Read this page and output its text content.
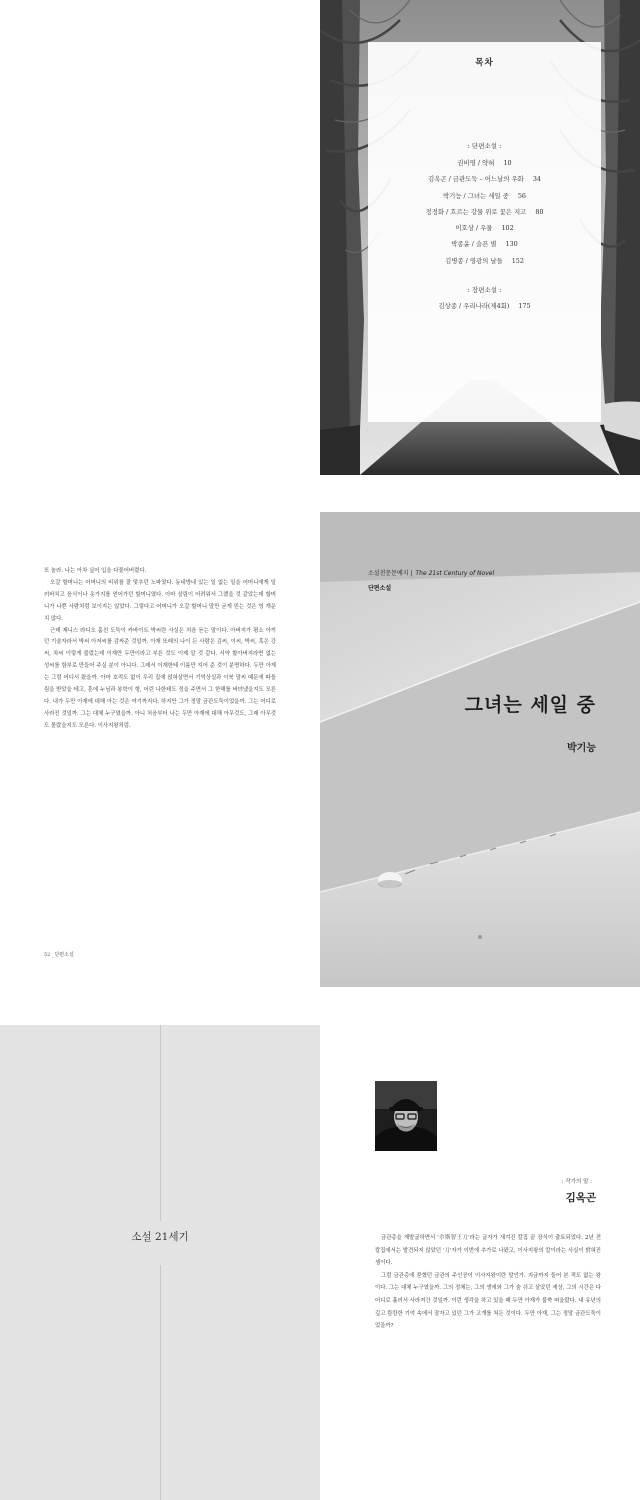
목차
: 단편소설 :
권비영 / 약혀 10
김옥곤 / 금관도둑 – 어느날의 우화 34
박기능 / 그녀는 세일 중 56
정정화 / 흐르는 강물 위로 꽃은 지고 80
이호상 / 우물 102
박종윤 / 슬픈 별 130
김병종 / 영광의 날들 152
: 장편소설 :
김상종 / 우리나라(제4회) 175

또 놀라. 나는 아차 싶어 입을 다물어버렸다.

오갈 할머니는 어머니의 비위를 잘 맞추던 노파였다. 동네방네 있는 일 없는 일을 어머니에게 일러바치고 음식이나 옷가지를 얻어가던 할머니였다. 아마 살림이 어려워서 그랬을 것 같았는데 할머니가 나쁜 사람처럼 보이지는 않았다. 그렇다고 어머니가 오갈 할머니 말만 굳게 믿는 것은 영 개운치 않다.

근데 제니스 라디오 훔친 도둑이 카바이트 박씨란 사실은 처음 듣는 말이다. 아버지가 평소 아끼던 기술자라서 박씨 아저씨를 감싸준 것일까. 아재 또래의 나이 든 사람은 김씨, 이씨, 박씨, 혹은 강씨, 차씨 이렇게 불렀는데 이재만 두만이라고 부른 것도 이제 알 것 같다. 서약 할아버지라면 없는 성씨를 함부로 만들어 주실 분이 아니다. 그래서 이재한테 이름만 지어 준 것이 분명하다. 두만 아재는 그럼 어디서 왔을까. 아마 호적도 없이 우리 집에 얹혀살면서 기억상실과 이북 말씨 때문에 따돌림을 받았을 테고, 훈에 누님과 봉학이 형, 어린 나한테도 정을 주면서 그 한해를 버텨냈을지도 모른다. 내가 두만 아재에 대해 아는 것은 여기까지다. 하지만 그가 정말 금관도둑이었을까. 그는 어디로 사라진 것일까. 그는 대체 누구였을까. 아니 처음부터 나는 두만 아재에 대해 아무것도, 그래 아무것도 몰랐을지도 모른다. 이사지왕처럼.

52 _단편소설
소설전문문예지 | The 21st Century of Novel
단편소설
그녀는 세일 중
박기능
소설 21세기
: 작가의 말 :
김옥곤

금관총을 재발굴하면서 '尒斯智王刀'라는 글자가 새겨진 칼집 끝 장식이 출토되었다. 2년 전 칼집에서는 발견되지 않았던 '刀'자가 이번에 추가로 나왔고, 이사지왕의 칼이라는 사실이 밝혀진 셈이다.

그럼 금관총에 묻혔던 금관의 주인공이 이사지왕이란 말인가. 지금까지 들어 본 적도 없는 왕이다. 그는 대체 누구였을까. 그의 정체는, 그의 생애와 그가 숨 쉬고 살았던 세상, 그의 시간은 다 어디로 흘러서 사라져간 것일까. 이런 생각을 하고 있을 때 두만 아재가 불쑥 떠올랐다. 내 유년의 깊고 캄캄한 기억 속에서 잠자고 있던 그가 고개를 쳐든 것이다. 두만 아재, 그는 정말 금관도둑이었을까?
